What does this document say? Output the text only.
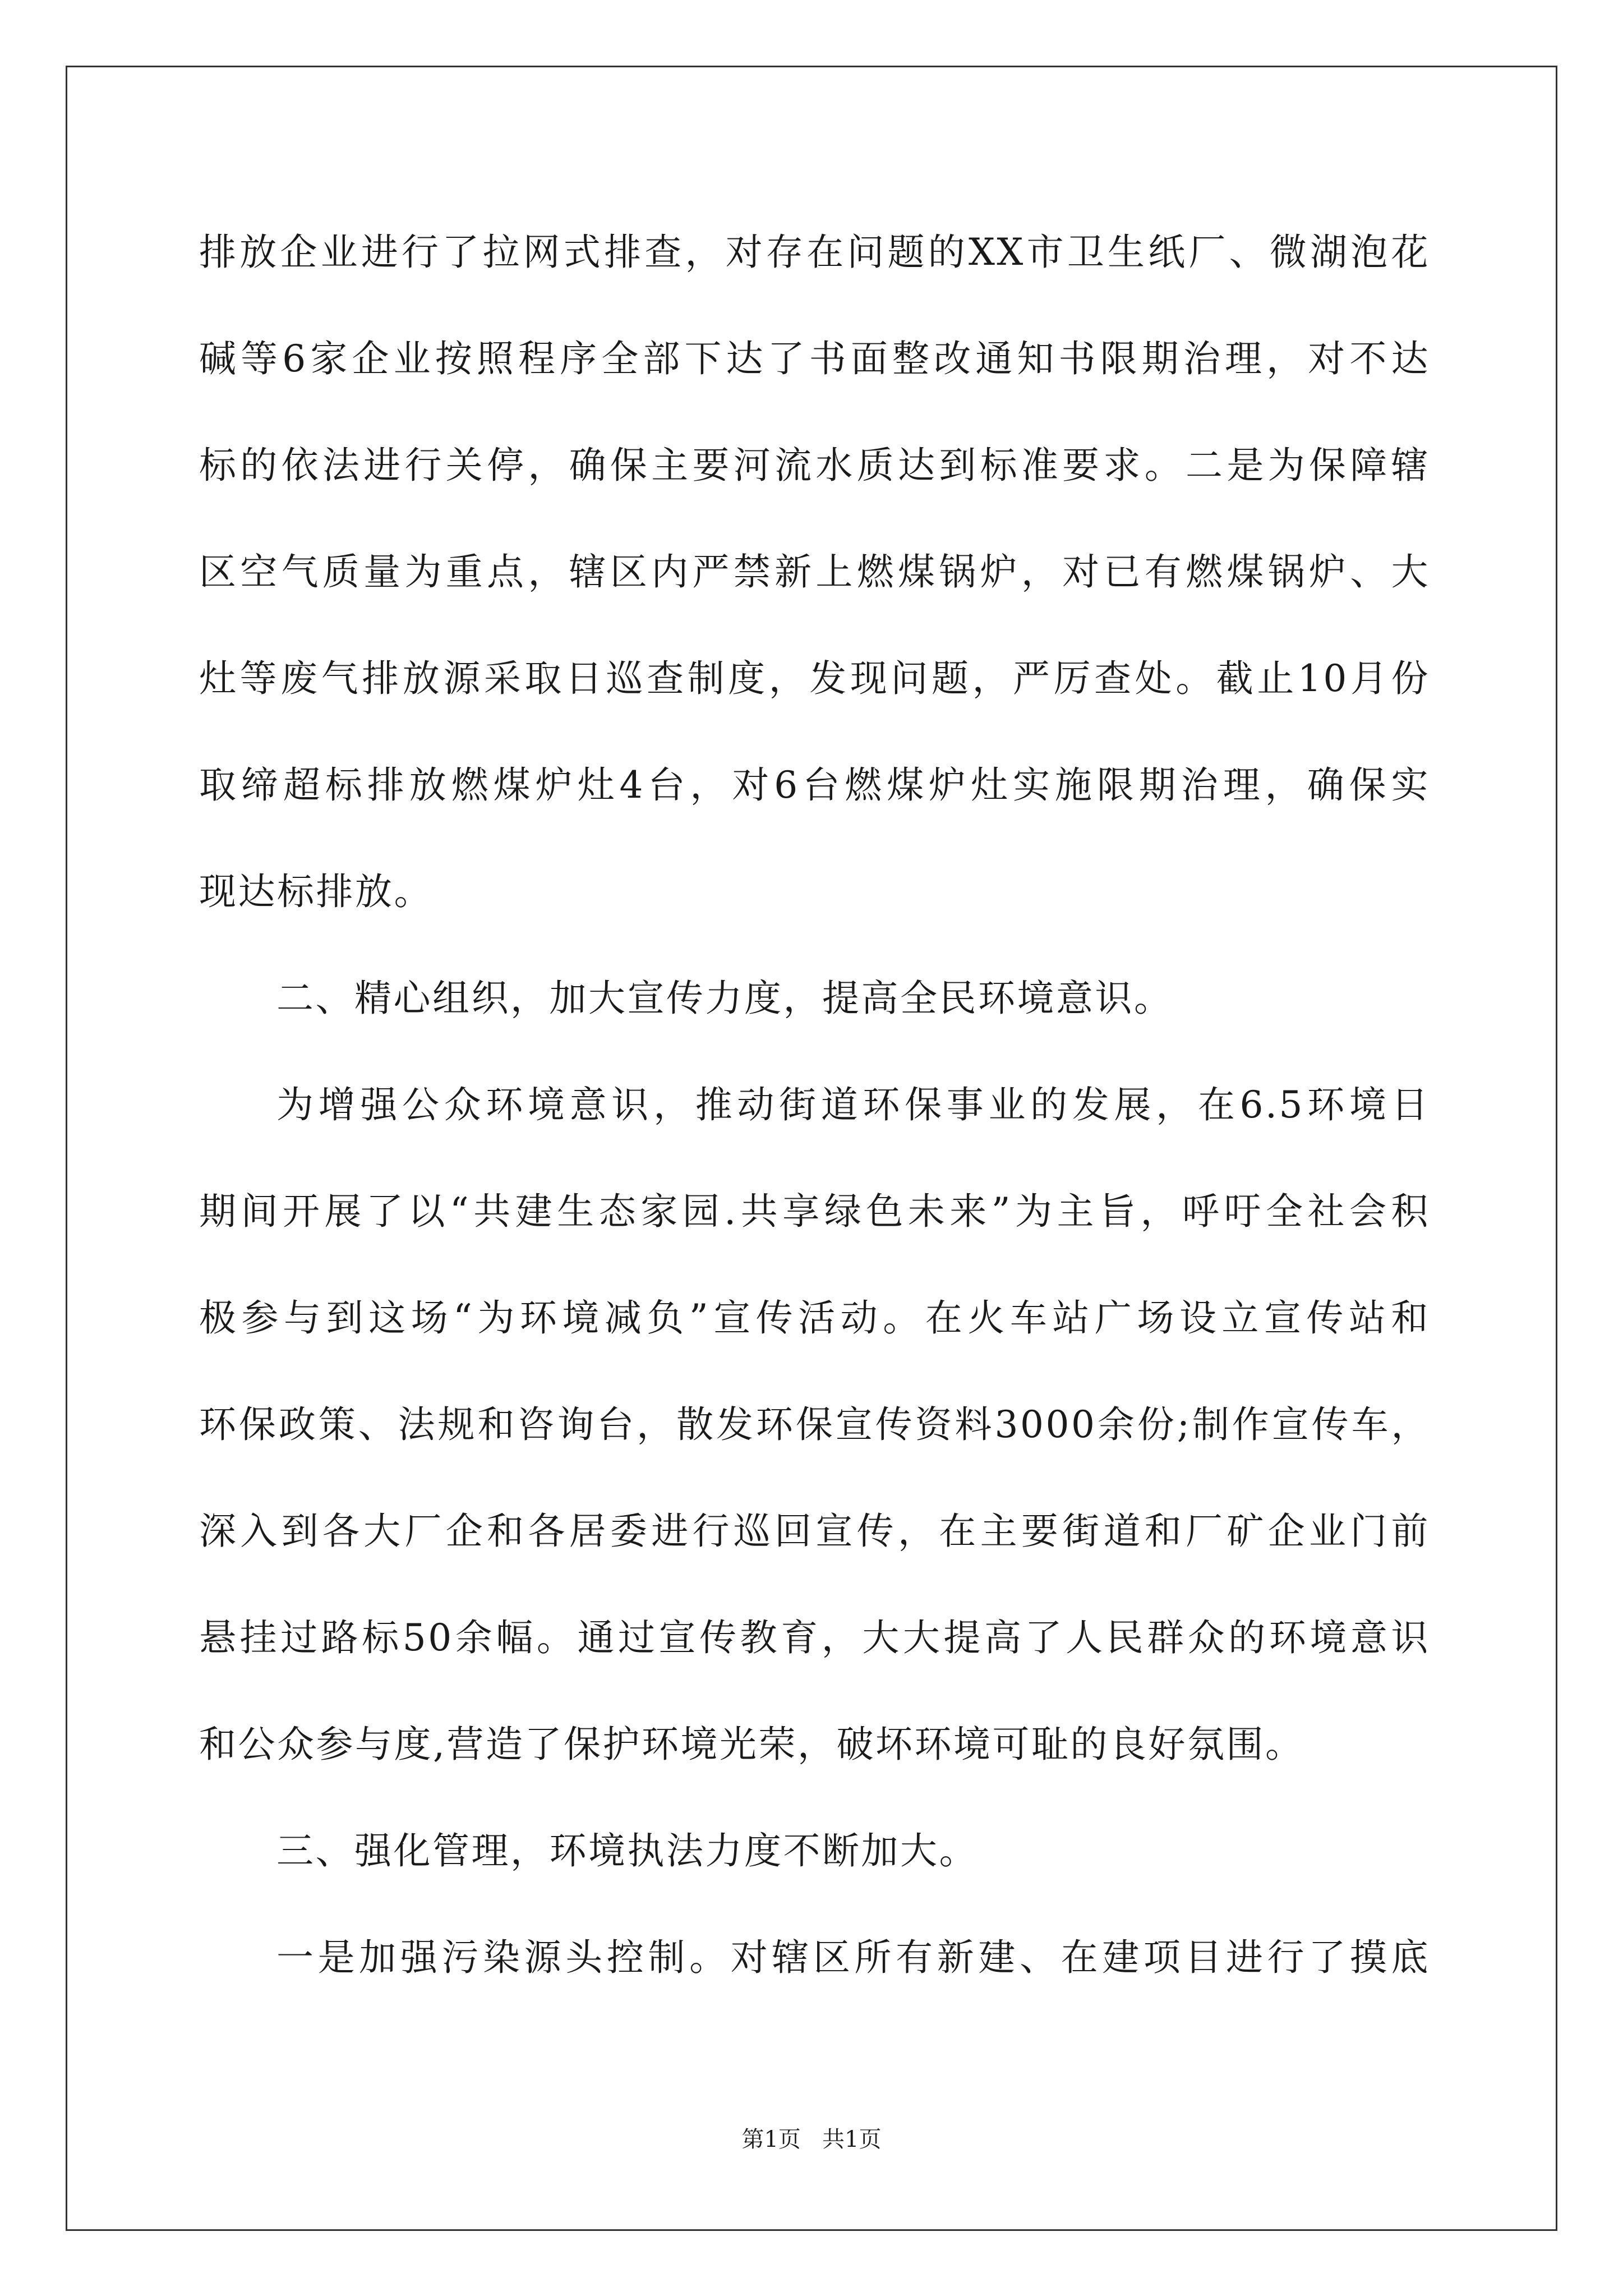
排放企业进行了拉网式排查，对存在问题的XX市卫生纸厂、微湖泡花
碱等6家企业按照程序全部下达了书面整改通知书限期治理，对不达
标的依法进行关停，确保主要河流水质达到标准要求。二是为保障辖
区空气质量为重点，辖区内严禁新上燃煤锅炉，对已有燃煤锅炉、大
灶等废气排放源采取日巡查制度，发现问题，严厉查处。截止10月份
取缔超标排放燃煤炉灶4台，对6台燃煤炉灶实施限期治理，确保实
现达标排放。
二、精心组织，加大宣传力度，提高全民环境意识。
为增强公众环境意识，推动街道环保事业的发展，在6.5环境日
期间开展了以“共建生态家园.共享绿色未来”为主旨，呼吁全社会积
极参与到这场“为环境减负”宣传活动。在火车站广场设立宣传站和
环保政策、法规和咨询台，散发环保宣传资料3000余份;制作宣传车，
深入到各大厂企和各居委进行巡回宣传，在主要街道和厂矿企业门前
悬挂过路标50余幅。通过宣传教育，大大提高了人民群众的环境意识
和公众参与度,营造了保护环境光荣，破坏环境可耻的良好氛围。
三、强化管理，环境执法力度不断加大。
一是加强污染源头控制。对辖区所有新建、在建项目进行了摸底
第1页   共1页
